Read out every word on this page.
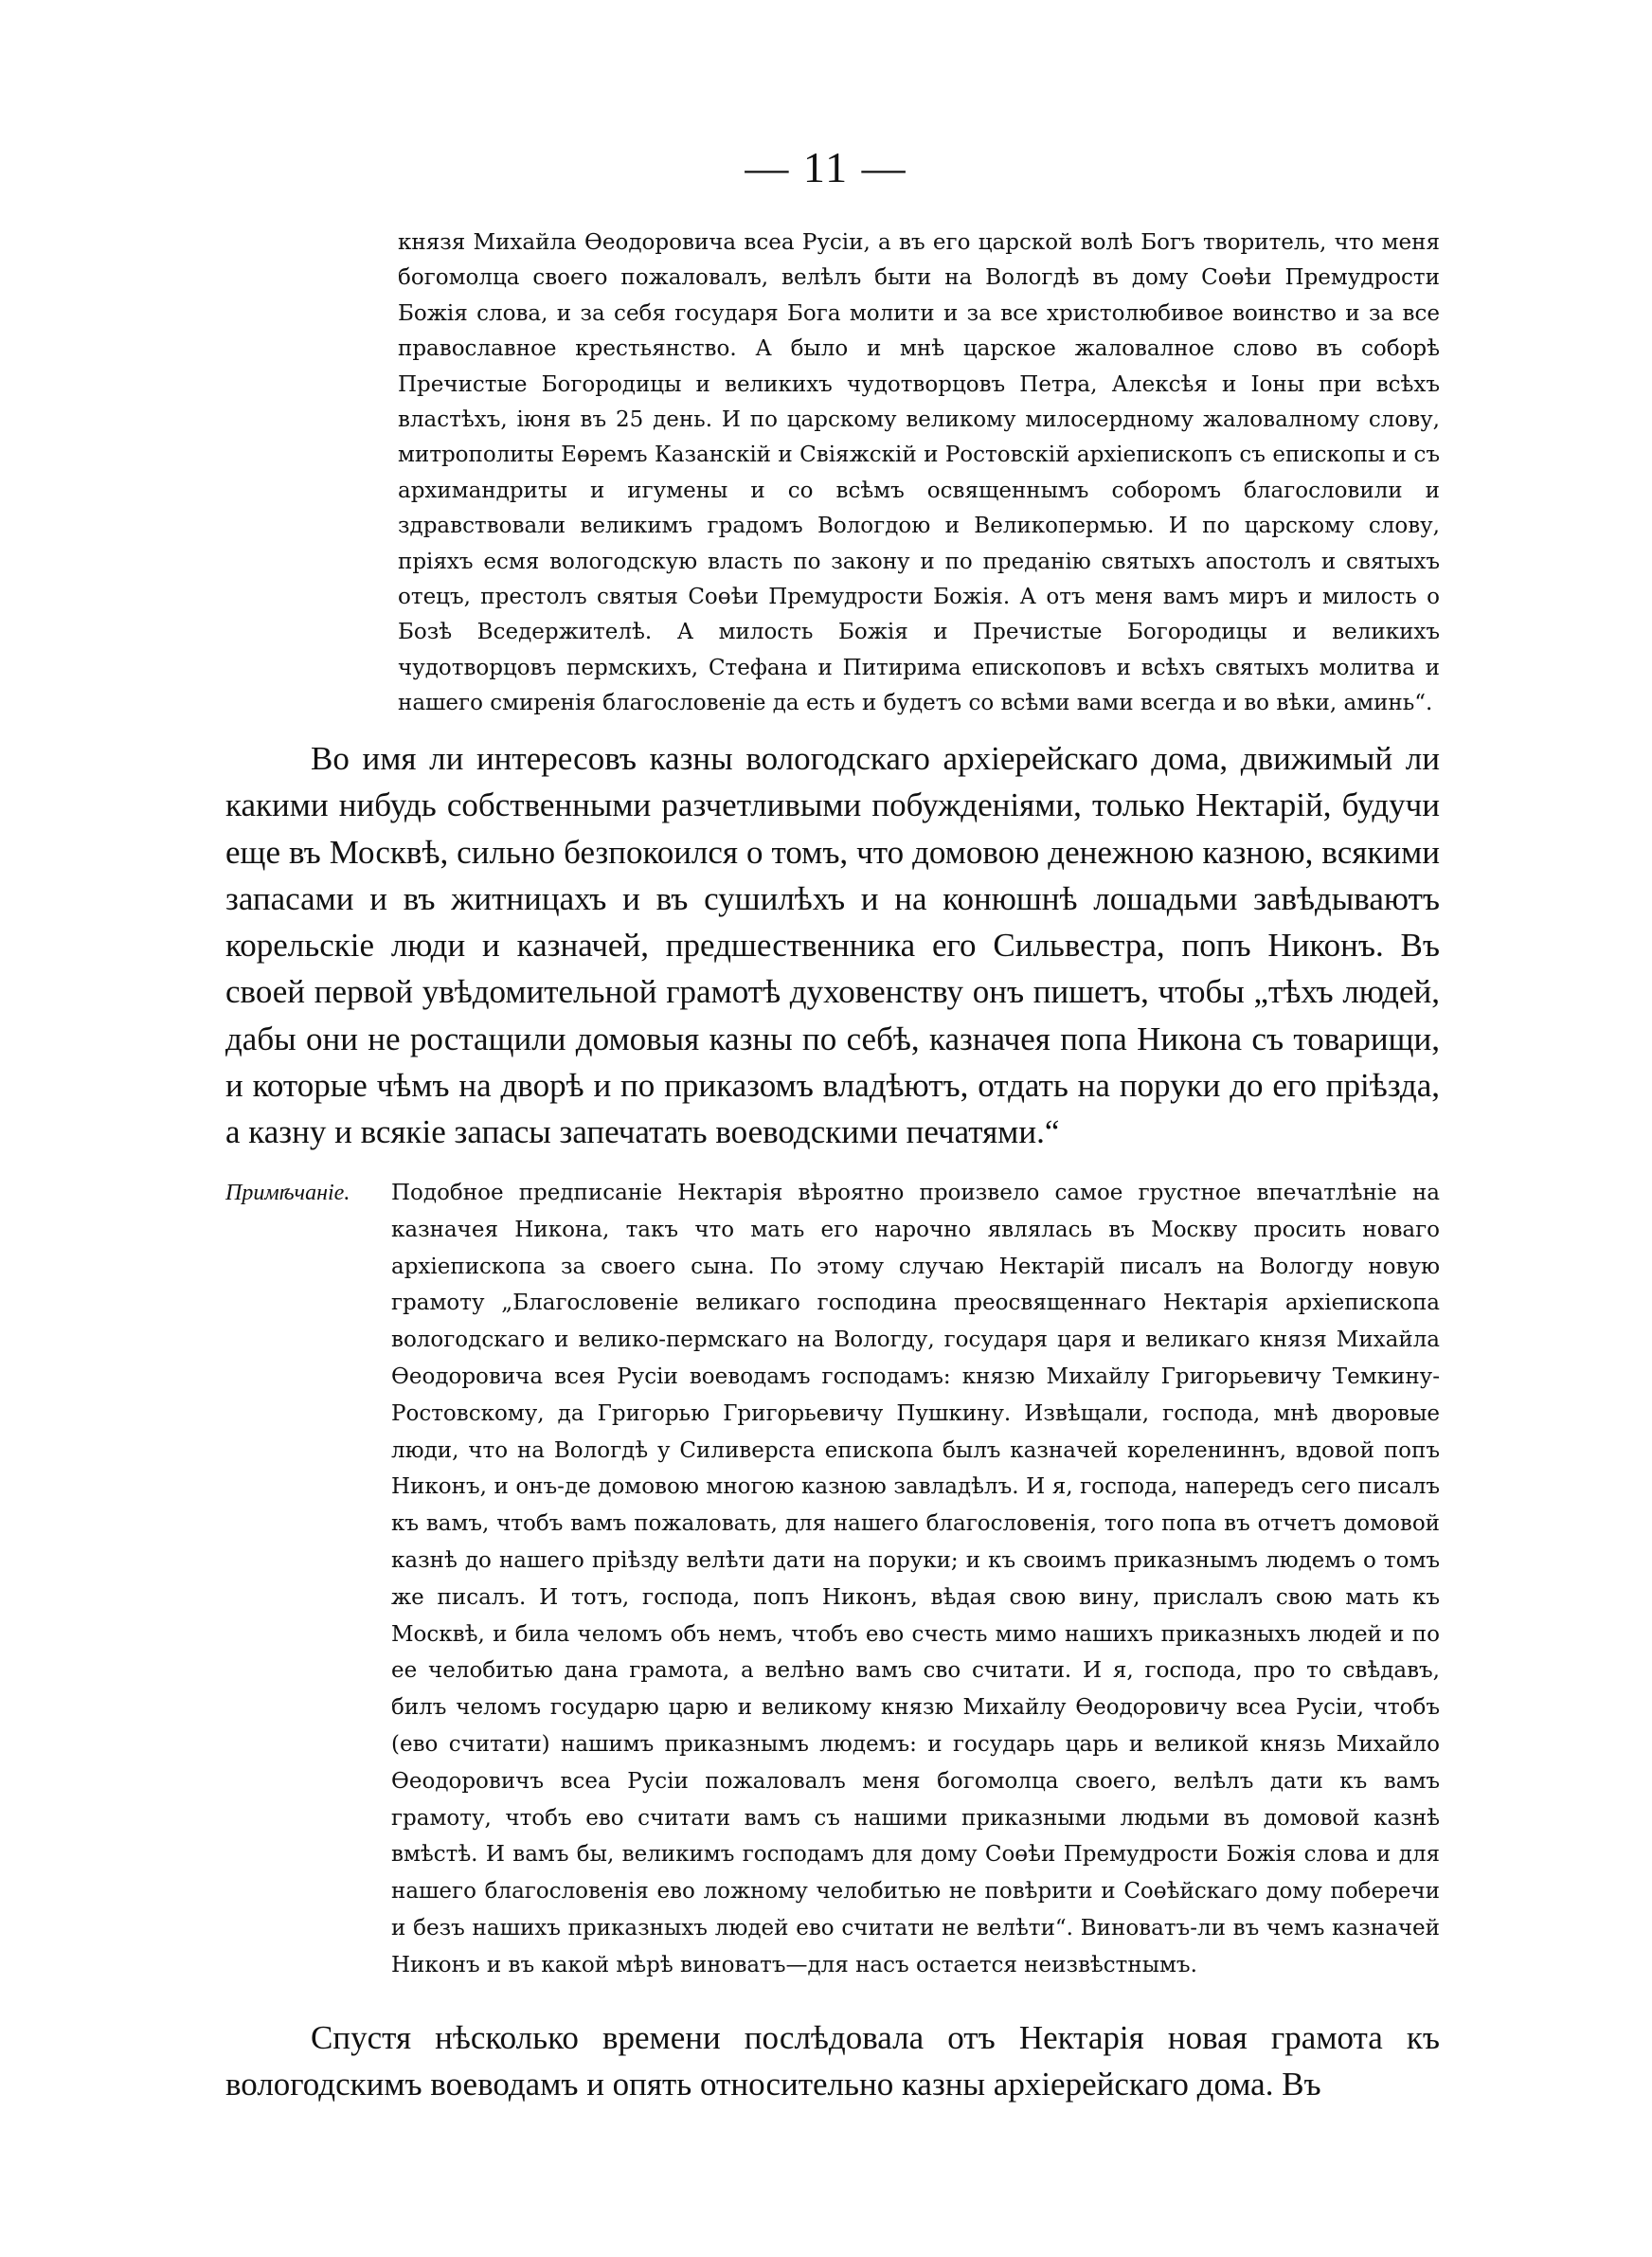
— 11 —
князя Михайла Өеодоровича всеа Русіи, а въ его царской волѣ Богъ творитель, что меня богомолца своего пожаловалъ, велѣлъ быти на Вологдѣ въ дому Соөѣи Премудрости Божія слова, и за себя государя Бога молити и за все христолюбивое воинство и за все православное крестьянство. А было и мнѣ царское жаловалное слово въ соборѣ Пречистые Богородицы и великихъ чудотворцовъ Петра, Алексѣя и Іоны при всѣхъ властѣхъ, іюня въ 25 день. И по царскому великому милосердному жаловалному слову, митрополиты Еөремъ Казанскій и Свіяжскій и Ростовскій архіепископъ съ епископы и съ архимандриты и игумены и со всѣмъ освященнымъ соборомъ благословили и здравствовали великимъ градомъ Вологдою и Великопермью. И по царскому слову, пріяхъ есмя вологодскую власть по закону и по преданію святыхъ апостолъ и святыхъ отецъ, престолъ святыя Соөѣи Премудрости Божія. А отъ меня вамъ миръ и милость о Бозѣ Вседержителѣ. А милость Божія и Пречистые Богородицы и великихъ чудотворцовъ пермскихъ, Стефана и Питирима епископовъ и всѣхъ святыхъ молитва и нашего смиренія благословеніе да есть и будетъ со всѣми вами всегда и во вѣки, аминь“.
Во имя ли интересовъ казны вологодскаго архіерейскаго дома, движимый ли какими нибудь собственными разчетливыми побужденіями, только Нектарій, будучи еще въ Москвѣ, сильно безпокоился о томъ, что домовою денежною казною, всякими запасами и въ житницахъ и въ сушилѣхъ и на конюшнѣ лошадьми завѣдываютъ корельскіе люди и казначей, предшественника его Сильвестра, попъ Никонъ. Въ своей первой увѣдомительной грамотѣ духовенству онъ пишетъ, чтобы „тѣхъ людей, дабы они не ростащили домовыя казны по себѣ, казначея попа Никона съ товарищи, и которые чѣмъ на дворѣ и по приказомъ владѣютъ, отдать на поруки до его пріѣзда, а казну и всякіе запасы запечатать воеводскими печатями.“
Примѣчаніе.	Подобное предписаніе Нектарія вѣроятно произвело самое грустное впечатлѣніе на казначея Никона, такъ что мать его нарочно являлась въ Москву просить новаго архіепископа за своего сына. По этому случаю Нектарій писалъ на Вологду новую грамоту „Благословеніе великаго господина преосвященнаго Нектарія архіепископа вологодскаго и велико-пермскаго на Вологду, государя царя и великаго князя Михайла Өеодоровича всея Русіи воеводамъ господамъ: князю Михайлу Григорьевичу Темкину-Ростовскому, да Григорью Григорьевичу Пушкину. Извѣщали, господа, мнѣ дворовые люди, что на Вологдѣ у Силиверста епископа былъ казначей корелениннъ, вдовой попъ Никонъ, и онъ-де домовою многою казною завладѣлъ. И я, господа, напередъ сего писалъ къ вамъ, чтобъ вамъ пожаловать, для нашего благословенія, того попа въ отчетъ домовой казнѣ до нашего пріѣзду велѣти дати на поруки; и къ своимъ приказнымъ людемъ о томъ же писалъ. И тотъ, господа, попъ Никонъ, вѣдая свою вину, прислалъ свою мать къ Москвѣ, и била челомъ объ немъ, чтобъ ево счесть мимо нашихъ приказныхъ людей и по ее челобитью дана грамота, а велѣно вамъ сво считати. И я, господа, про то свѣдавъ, билъ челомъ государю царю и великому князю Михайлу Өеодоровичу всеа Русіи, чтобъ (ево считати) нашимъ приказнымъ людемъ: и государь царь и великой князь Михайло Өеодоровичъ всеа Русіи пожаловалъ меня богомолца своего, велѣлъ дати къ вамъ грамоту, чтобъ ево считати вамъ съ нашими приказными людьми въ домовой казнѣ вмѣстѣ. И вамъ бы, великимъ господамъ для дому Соөѣи Премудрости Божія слова и для нашего благословенія ево ложному челобитью не повѣрити и Соөѣйскаго дому поберечи и безъ нашихъ приказныхъ людей ево считати не велѣти“. Виноватъ-ли въ чемъ казначей Никонъ и въ какой мѣрѣ виноватъ—для насъ остается неизвѣстнымъ.
Спустя нѣсколько времени послѣдовала отъ Нектарія новая грамота къ вологодскимъ воеводамъ и опять относительно казны архіерейскаго дома. Въ
